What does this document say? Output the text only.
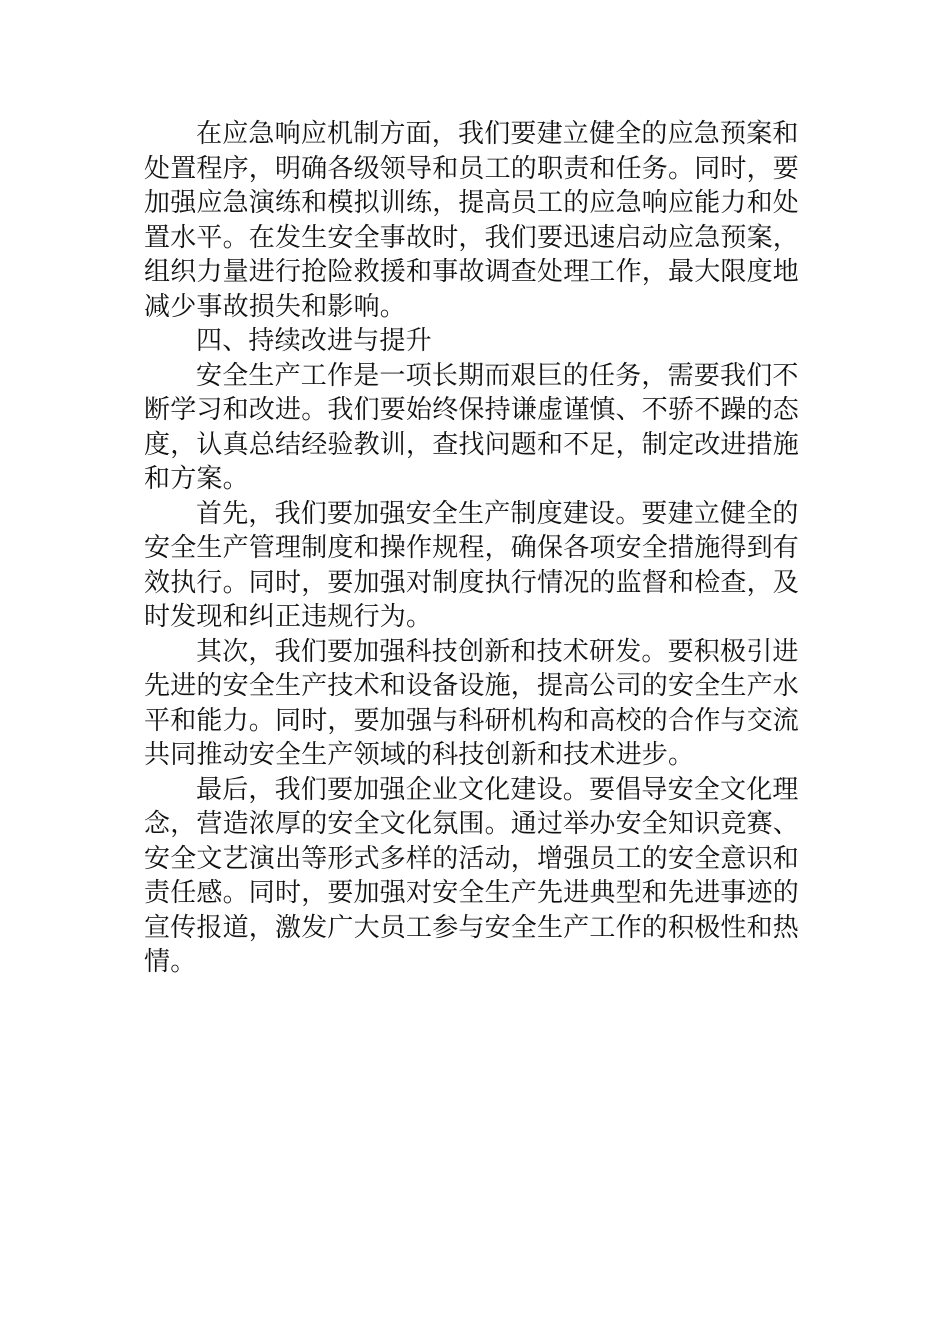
在应急响应机制方面，我们要建立健全的应急预案和
处置程序，明确各级领导和员工的职责和任务。同时，要
加强应急演练和模拟训练，提高员工的应急响应能力和处
置水平。在发生安全事故时，我们要迅速启动应急预案，
组织力量进行抢险救援和事故调查处理工作，最大限度地
减少事故损失和影响。
四、持续改进与提升
安全生产工作是一项长期而艰巨的任务，需要我们不
断学习和改进。我们要始终保持谦虚谨慎、不骄不躁的态
度，认真总结经验教训，查找问题和不足，制定改进措施
和方案。
首先，我们要加强安全生产制度建设。要建立健全的
安全生产管理制度和操作规程，确保各项安全措施得到有
效执行。同时，要加强对制度执行情况的监督和检查，及
时发现和纠正违规行为。
其次，我们要加强科技创新和技术研发。要积极引进
先进的安全生产技术和设备设施，提高公司的安全生产水
平和能力。同时，要加强与科研机构和高校的合作与交流
共同推动安全生产领域的科技创新和技术进步。
最后，我们要加强企业文化建设。要倡导安全文化理
念，营造浓厚的安全文化氛围。通过举办安全知识竞赛、
安全文艺演出等形式多样的活动，增强员工的安全意识和
责任感。同时，要加强对安全生产先进典型和先进事迹的
宣传报道，激发广大员工参与安全生产工作的积极性和热
情。
